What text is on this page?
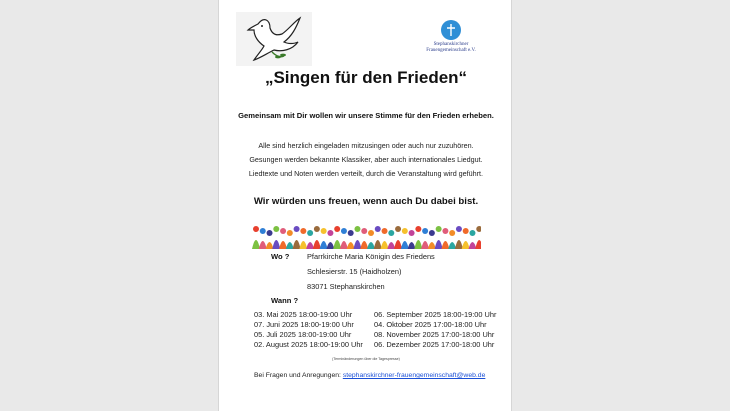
Stephanskirchner
Frauengemeinschaft e.V.
„Singen für den Frieden“
Gemeinsam mit Dir wollen wir unsere Stimme für den Frieden erheben.
Alle sind herzlich eingeladen mitzusingen oder auch nur zuzuhören.
Gesungen werden bekannte Klassiker, aber auch internationales Liedgut.
Liedtexte und Noten werden verteilt, durch die Veranstaltung wird geführt.
Wir würden uns freuen, wenn auch Du dabei bist.
Wo ? Pfarrkirche Maria Königin des Friedens
Schlesierstr. 15 (Haidholzen)
83071 Stephanskirchen
Wann ?
03. Mai 2025 18:00-19:00 Uhr
07. Juni 2025 18:00-19:00 Uhr
05. Juli 2025 18:00-19:00 Uhr
02. August 2025 18:00-19:00 Uhr
06. September 2025 18:00-19:00 Uhr
04. Oktober 2025 17:00-18:00 Uhr
08. November 2025 17:00-18:00 Uhr
06. Dezember 2025 17:00-18:00 Uhr
(Terminänderungen über die Tagespresse)
Bei Fragen und Anregungen: stephanskirchner-frauengemeinschaft@web.de
